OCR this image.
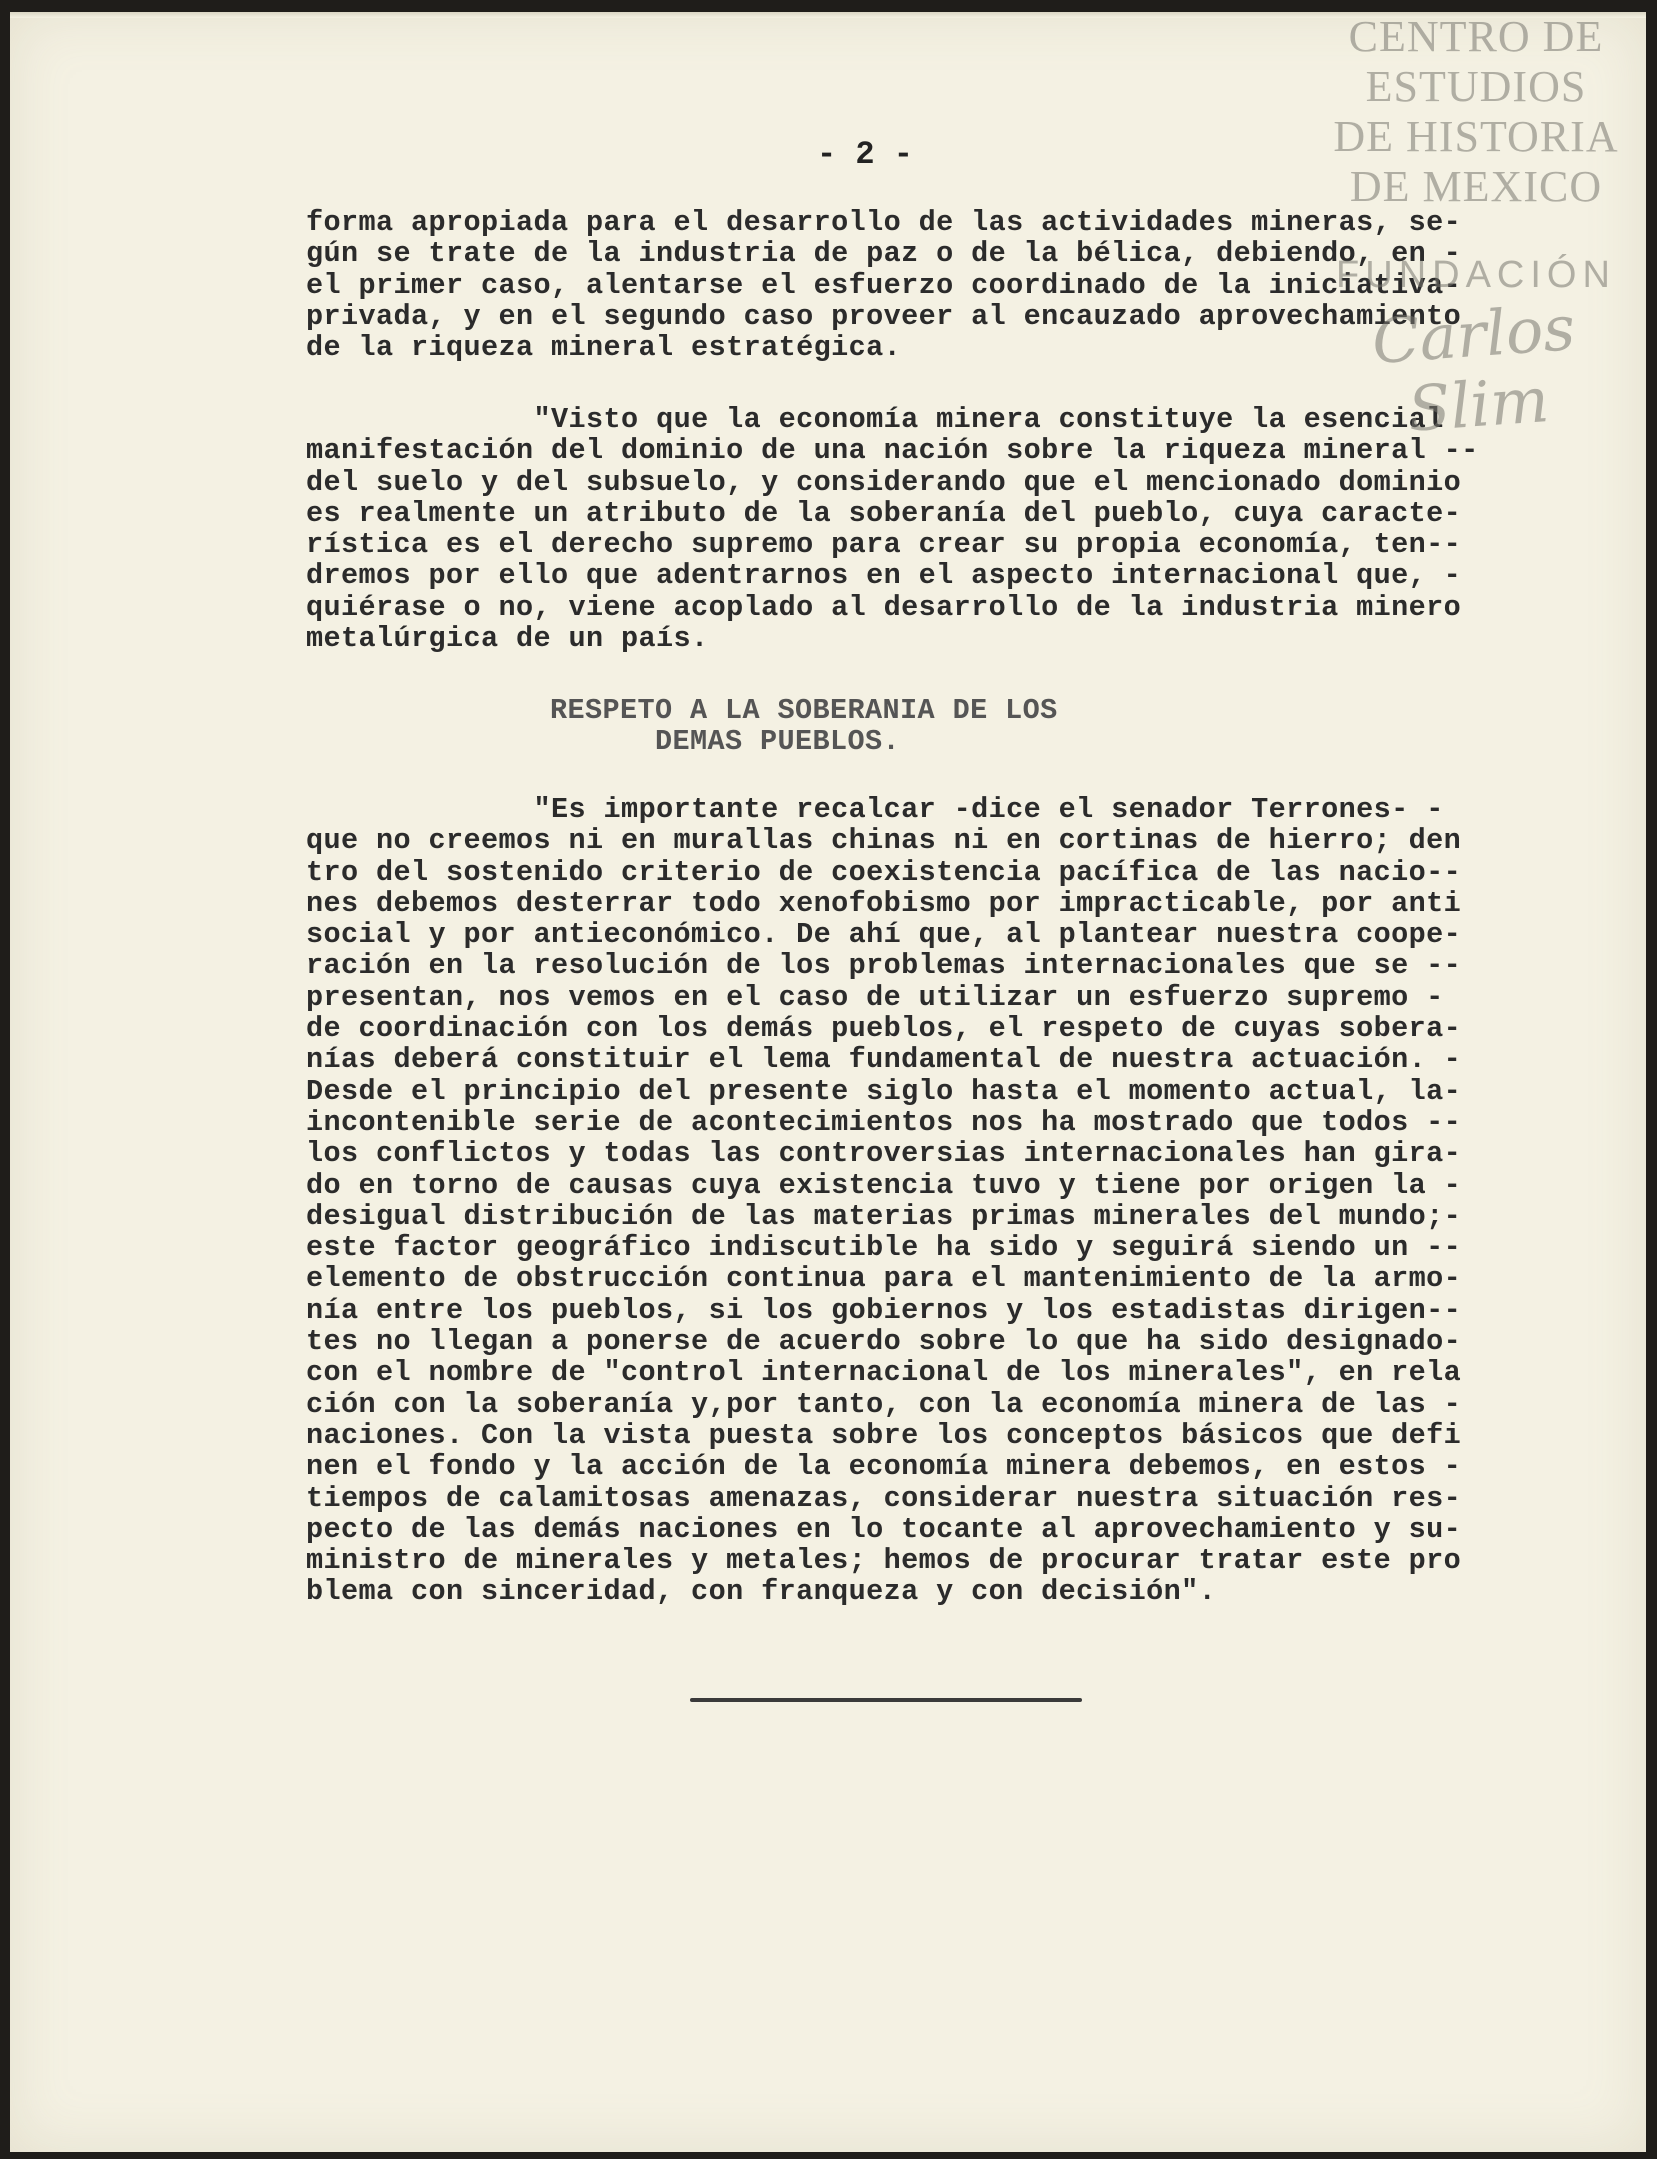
CENTRO DE
ESTUDIOS
DE HISTORIA
DE MEXICO
FUNDACIÓN
Carlos Slim
- 2 -
forma apropiada para el desarrollo de las actividades mineras, se-
gún se trate de la industria de paz o de la bélica, debiendo, en -
el primer caso, alentarse el esfuerzo coordinado de la iniciativa-
privada, y en el segundo caso proveer al encauzado aprovechamiento
de la riqueza mineral estratégica.
"Visto que la economía minera constituye la esencial
manifestación del dominio de una nación sobre la riqueza mineral --
del suelo y del subsuelo, y considerando que el mencionado dominio
es realmente un atributo de la soberanía del pueblo, cuya caracte-
rística es el derecho supremo para crear su propia economía, ten--
dremos por ello que adentrarnos en el aspecto internacional que, -
quiérase o no, viene acoplado al desarrollo de la industria minero
metalúrgica de un país.
RESPETO A LA SOBERANIA DE LOS
DEMAS PUEBLOS.
"Es importante recalcar -dice el senador Terrones- -
que no creemos ni en murallas chinas ni en cortinas de hierro; den
tro del sostenido criterio de coexistencia pacífica de las nacio--
nes debemos desterrar todo xenofobismo por impracticable, por anti
social y por antieconómico. De ahí que, al plantear nuestra coope-
ración en la resolución de los problemas internacionales que se --
presentan, nos vemos en el caso de utilizar un esfuerzo supremo -
de coordinación con los demás pueblos, el respeto de cuyas sobera-
nías deberá constituir el lema fundamental de nuestra actuación. -
Desde el principio del presente siglo hasta el momento actual, la-
incontenible serie de acontecimientos nos ha mostrado que todos --
los conflictos y todas las controversias internacionales han gira-
do en torno de causas cuya existencia tuvo y tiene por origen la -
desigual distribución de las materias primas minerales del mundo;-
este factor geográfico indiscutible ha sido y seguirá siendo un --
elemento de obstrucción continua para el mantenimiento de la armo-
nía entre los pueblos, si los gobiernos y los estadistas dirigen--
tes no llegan a ponerse de acuerdo sobre lo que ha sido designado-
con el nombre de "control internacional de los minerales", en rela
ción con la soberanía y,por tanto, con la economía minera de las -
naciones. Con la vista puesta sobre los conceptos básicos que defi
nen el fondo y la acción de la economía minera debemos, en estos -
tiempos de calamitosas amenazas, considerar nuestra situación res-
pecto de las demás naciones en lo tocante al aprovechamiento y su-
ministro de minerales y metales; hemos de procurar tratar este pro
blema con sinceridad, con franqueza y con decisión".
